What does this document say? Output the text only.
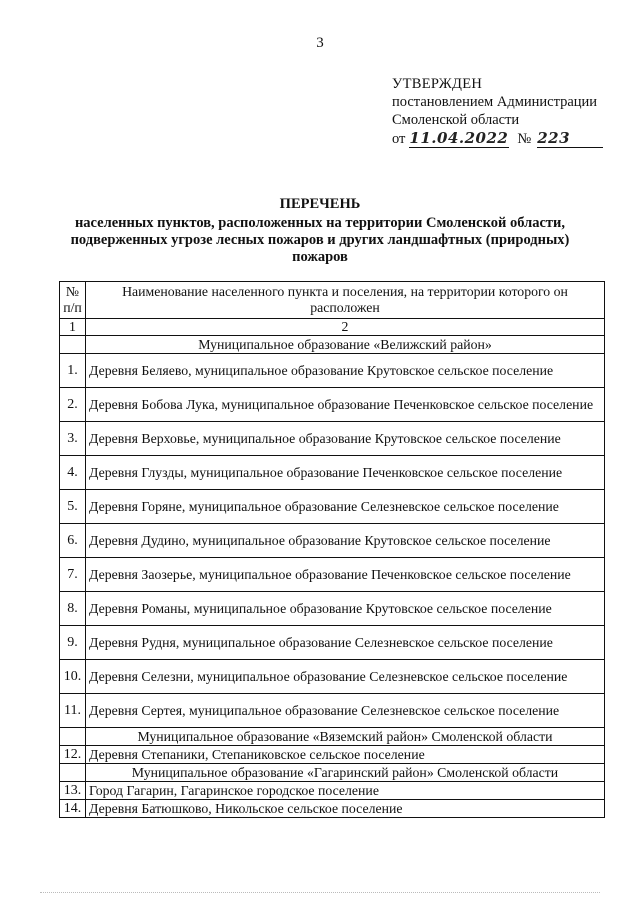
3
УТВЕРЖДЕН
постановлением Администрации
Смоленской области
от 11.04.2022 № 223
ПЕРЕЧЕНЬ
населенных пунктов, расположенных на территории Смоленской области,
подверженных угрозе лесных пожаров и других ландшафтных (природных)
пожаров
№ п/п	Наименование населенного пункта и поселения, на территории которого он расположен
1	2
	Муниципальное образование «Велижский район»
1.	Деревня Беляево, муниципальное образование Крутовское сельское поселение
2.	Деревня Бобова Лука, муниципальное образование Печенковское сельское поселение
3.	Деревня Верховье, муниципальное образование Крутовское сельское поселение
4.	Деревня Глузды, муниципальное образование Печенковское сельское поселение
5.	Деревня Горяне, муниципальное образование Селезневское сельское поселение
6.	Деревня Дудино, муниципальное образование Крутовское сельское поселение
7.	Деревня Заозерье, муниципальное образование Печенковское сельское поселение
8.	Деревня Романы, муниципальное образование Крутовское сельское поселение
9.	Деревня Рудня, муниципальное образование Селезневское сельское поселение
10.	Деревня Селезни, муниципальное образование Селезневское сельское поселение
11.	Деревня Сертея, муниципальное образование Селезневское сельское поселение
	Муниципальное образование «Вяземский район» Смоленской области
12.	Деревня Степаники, Степаниковское сельское поселение
	Муниципальное образование «Гагаринский район» Смоленской области
13.	Город Гагарин, Гагаринское городское поселение
14.	Деревня Батюшково, Никольское сельское поселение
